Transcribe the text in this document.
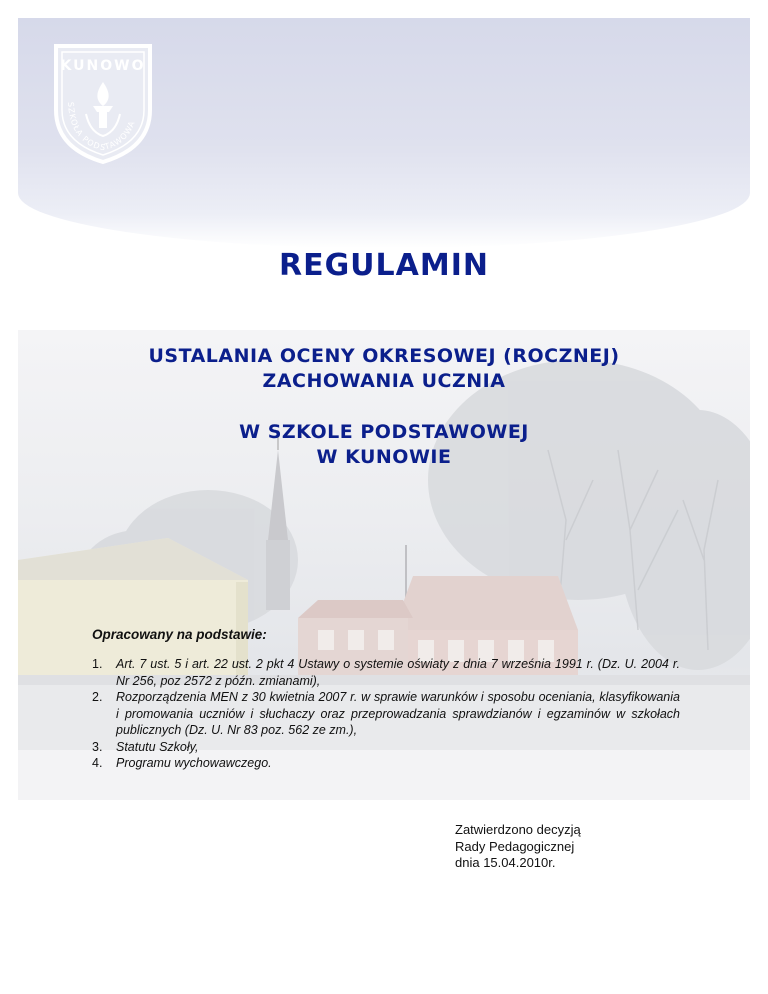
KUNOWO
SZKOŁA PODSTAWOWA
REGULAMIN
USTALANIA OCENY OKRESOWEJ (ROCZNEJ)
ZACHOWANIA UCZNIA
W SZKOLE PODSTAWOWEJ
W KUNOWIE

Opracowany na podstawie:

1. Art. 7 ust. 5 i art. 22 ust. 2 pkt 4 Ustawy o systemie oświaty z dnia 7 września 1991 r. (Dz. U. 2004 r. Nr 256, poz 2572 z późn. zmianami),
2. Rozporządzenia MEN z 30 kwietnia 2007 r. w sprawie warunków i sposobu oceniania, klasyfikowania i promowania uczniów i słuchaczy oraz przeprowadzania sprawdzianów i egzaminów w szkołach publicznych (Dz. U. Nr 83 poz. 562 ze zm.),
3. Statutu Szkoły,
4. Programu wychowawczego.
Zatwierdzono decyzją
Rady Pedagogicznej
dnia 15.04.2010r.
